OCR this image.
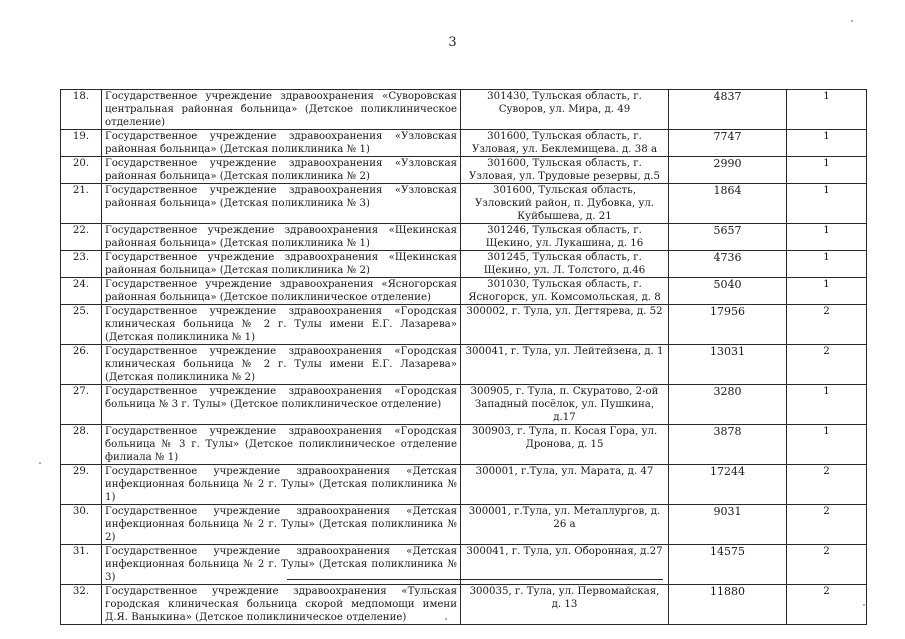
3
18.	Государственное учреждение здравоохранения «Суворовская центральная районная больница» (Детское поликлиническое отделение)	301430, Тульская область, г. Суворов, ул. Мира, д. 49	4837	1
19.	Государственное учреждение здравоохранения «Узловская районная больница» (Детская поликлиника № 1)	301600, Тульская область, г. Узловая, ул. Беклемищева. д. 38 а	7747	1
20.	Государственное учреждение здравоохранения «Узловская районная больница» (Детская поликлиника № 2)	301600, Тульская область, г. Узловая, ул. Трудовые резервы, д.5	2990	1
21.	Государственное учреждение здравоохранения «Узловская районная больница» (Детская поликлиника № 3)	301600, Тульская область, Узловский район, п. Дубовка, ул. Куйбышева, д. 21	1864	1
22.	Государственное учреждение здравоохранения «Щекинская районная больница» (Детская поликлиника № 1)	301246, Тульская область, г. Щекино, ул. Лукашина, д. 16	5657	1
23.	Государственное учреждение здравоохранения «Щекинская районная больница» (Детская поликлиника № 2)	301245, Тульская область, г. Щекино, ул. Л. Толстого, д.46	4736	1
24.	Государственное учреждение здравоохранения «Ясногорская районная больница» (Детское поликлиническое отделение)	301030, Тульская область, г. Ясногорск, ул. Комсомольская, д. 8	5040	1
25.	Государственное учреждение здравоохранения «Городская клиническая больница № 2 г. Тулы имени Е.Г. Лазарева» (Детская поликлиника № 1)	300002, г. Тула, ул. Дегтярева, д. 52	17956	2
26.	Государственное учреждение здравоохранения «Городская клиническая больница № 2 г. Тулы имени Е.Г. Лазарева» (Детская поликлиника № 2)	300041, г. Тула, ул. Лейтейзена, д. 1	13031	2
27.	Государственное учреждение здравоохранения «Городская больница № 3 г. Тулы» (Детское поликлиническое отделение)	300905, г. Тула, п. Скуратово, 2-ой Западный посёлок, ул. Пушкина, д.17	3280	1
28.	Государственное учреждение здравоохранения «Городская больница № 3 г. Тулы» (Детское поликлиническое отделение филиала № 1)	300903, г. Тула, п. Косая Гора, ул. Дронова, д. 15	3878	1
29.	Государственное учреждение здравоохранения «Детская инфекционная больница № 2 г. Тулы» (Детская поликлиника № 1)	300001, г.Тула, ул. Марата, д. 47	17244	2
30.	Государственное учреждение здравоохранения «Детская инфекционная больница № 2 г. Тулы» (Детская поликлиника № 2)	300001, г.Тула, ул. Металлургов, д. 26 а	9031	2
31.	Государственное учреждение здравоохранения «Детская инфекционная больница № 2 г. Тулы» (Детская поликлиника № 3)	300041, г. Тула, ул. Оборонная, д.27	14575	2
32.	Государственное учреждение здравоохранения «Тульская городская клиническая больница скорой медпомощи имени Д.Я. Ваныкина» (Детское поликлиническое отделение)	300035, г. Тула, ул. Первомайская, д. 13	11880	2
